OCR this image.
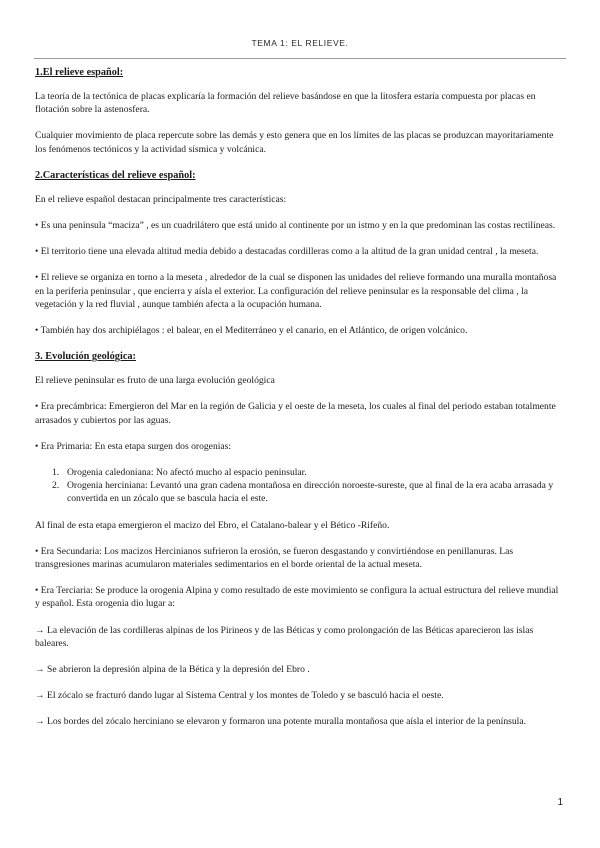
TEMA 1: EL RELIEVE.
1.El relieve español:

La teoría de la tectónica de placas explicaría la formación del relieve basándose en que la litosfera estaría compuesta por placas en flotación sobre la astenosfera.

Cualquier movimiento de placa repercute sobre las demás y esto genera que en los límites de las placas se produzcan mayoritariamente los fenómenos tectónicos y la actividad sísmica y volcánica.

2.Características del relieve español:

En el relieve español destacan principalmente tres características:

• Es una península “maciza” , es un cuadrilátero que está unido al continente por un istmo y en la que predominan las costas rectilíneas.

• El territorio tiene una elevada altitud media debido a destacadas cordilleras como a la altitud de la gran unidad central , la meseta.

• El relieve se organiza en torno a la meseta , alrededor de la cual se disponen las unidades del relieve formando una muralla montañosa en la periferia peninsular , que encierra y aísla el exterior. La configuración del relieve peninsular es la responsable del clima , la vegetación y la red fluvial , aunque también afecta a la ocupación humana.

• También hay dos archipiélagos : el balear, en el Mediterráneo y el canario, en el Atlántico, de origen volcánico.

3. Evolución geológica:

El relieve peninsular es fruto de una larga evolución geológica

• Era precámbrica: Emergieron del Mar en la región de Galicia y el oeste de la meseta, los cuales al final del periodo estaban totalmente arrasados y cubiertos por las aguas.

• Era Primaria: En esta etapa surgen dos orogenias:

1. Orogenia caledoniana: No afectó mucho al espacio peninsular.
2. Orogenia herciniana: Levantó una gran cadena montañosa en dirección noroeste-sureste, que al final de la era acaba arrasada y convertida en un zócalo que se bascula hacia el este.

Al final de esta etapa emergieron el macizo del Ebro, el Catalano-balear y el Bético -Rifeño.

• Era Secundaria: Los macizos Hercinianos sufrieron la erosión, se fueron desgastando y convirtiéndose en penillanuras. Las transgresiones marinas acumularon materiales sedimentarios en el borde oriental de la actual meseta.

• Era Terciaria: Se produce la orogenia Alpina y como resultado de este movimiento se configura la actual estructura del relieve mundial y español. Esta orogenia dio lugar a:

→ La elevación de las cordilleras alpinas de los Pirineos y de las Béticas y como prolongación de las Béticas aparecieron las islas baleares.

→ Se abrieron la depresión alpina de la Bética y la depresión del Ebro .

→ El zócalo se fracturó dando lugar al Sistema Central y los montes de Toledo y se basculó hacia el oeste.

→ Los bordes del zócalo herciniano se elevaron y formaron una potente muralla montañosa que aísla el interior de la península.

1
